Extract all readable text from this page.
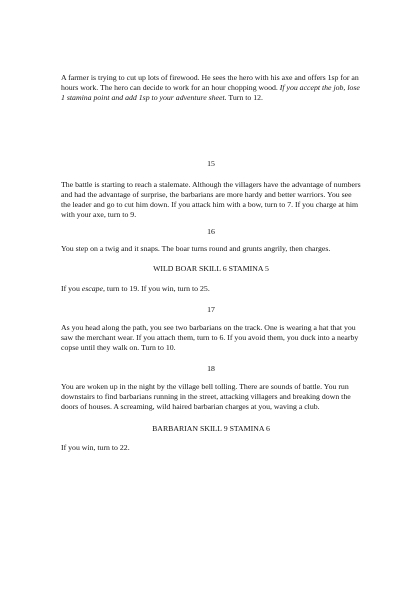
A farmer is trying to cut up lots of firewood. He sees the hero with his axe and offers 1sp for an hours work. The hero can decide to work for an hour chopping wood. If you accept the job, lose 1 stamina point and add 1sp to your adventure sheet. Turn to 12.

15

The battle is starting to reach a stalemate. Although the villagers have the advantage of numbers and had the advantage of surprise, the barbarians are more hardy and better warriors. You see the leader and go to cut him down. If you attack him with a bow, turn to 7. If you charge at him with your axe, turn to 9.

16

You step on a twig and it snaps. The boar turns round and grunts angrily, then charges.

WILD BOAR SKILL 6 STAMINA 5

If you escape, turn to 19. If you win, turn to 25.

17

As you head along the path, you see two barbarians on the track. One is wearing a hat that you saw the merchant wear. If you attach them, turn to 6. If you avoid them, you duck into a nearby copse until they walk on. Turn to 10.

18

You are woken up in the night by the village bell tolling. There are sounds of battle. You run downstairs to find barbarians running in the street, attacking villagers and breaking down the doors of houses. A screaming, wild haired barbarian charges at you, waving a club.

BARBARIAN SKILL 9 STAMINA 6

If you win, turn to 22.
